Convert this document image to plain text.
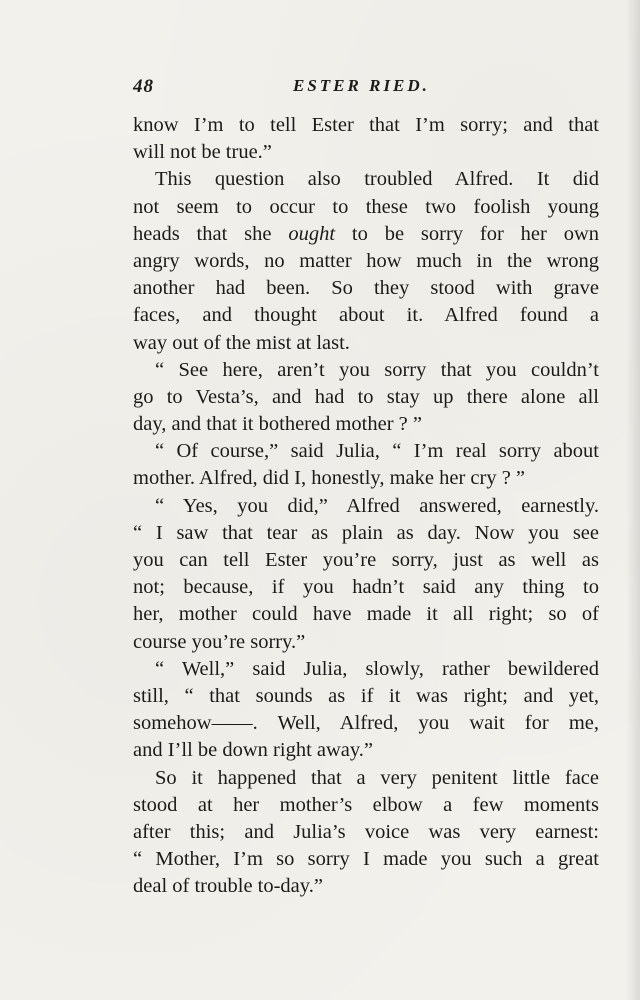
48	ESTER RIED.
know I’m to tell Ester that I’m sorry; and that
will not be true.”
This question also troubled Alfred. It did
not seem to occur to these two foolish young
heads that she ought to be sorry for her own
angry words, no matter how much in the wrong
another had been. So they stood with grave
faces, and thought about it. Alfred found a
way out of the mist at last.
“ See here, aren’t you sorry that you couldn’t
go to Vesta’s, and had to stay up there alone all
day, and that it bothered mother ? ”
“ Of course,” said Julia, “ I’m real sorry about
mother. Alfred, did I, honestly, make her cry ? ”
“ Yes, you did,” Alfred answered, earnestly.
“ I saw that tear as plain as day. Now you see
you can tell Ester you’re sorry, just as well as
not; because, if you hadn’t said any thing to
her, mother could have made it all right; so of
course you’re sorry.”
“ Well,” said Julia, slowly, rather bewildered
still, “ that sounds as if it was right; and yet,
somehow——. Well, Alfred, you wait for me,
and I’ll be down right away.”
So it happened that a very penitent little face
stood at her mother’s elbow a few moments
after this; and Julia’s voice was very earnest:
“ Mother, I’m so sorry I made you such a great
deal of trouble to-day.”
